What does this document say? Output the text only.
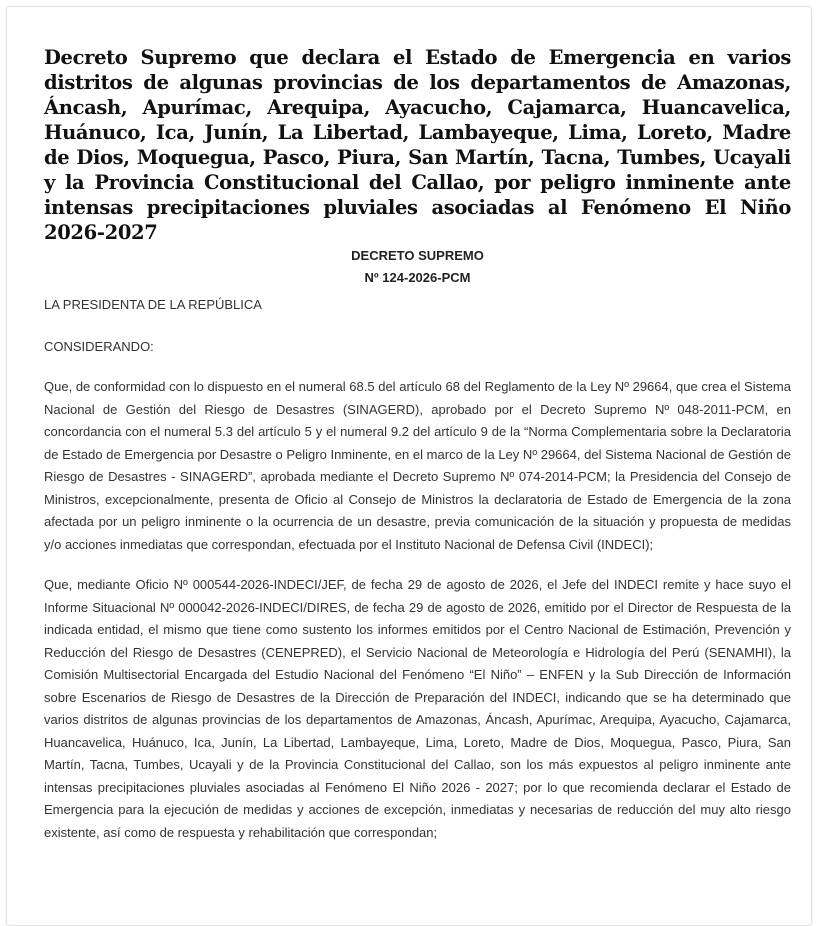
Decreto Supremo que declara el Estado de Emergencia en varios distritos de algunas provincias de los departamentos de Amazonas, Áncash, Apurímac, Arequipa, Ayacucho, Cajamarca, Huancavelica, Huánuco, Ica, Junín, La Libertad, Lambayeque, Lima, Loreto, Madre de Dios, Moquegua, Pasco, Piura, San Martín, Tacna, Tumbes, Ucayali y la Provincia Constitucional del Callao, por peligro inminente ante intensas precipitaciones pluviales asociadas al Fenómeno El Niño 2026-2027

DECRETO SUPREMO

Nº 124-2026-PCM

LA PRESIDENTA DE LA REPÚBLICA

CONSIDERANDO:

Que, de conformidad con lo dispuesto en el numeral 68.5 del artículo 68 del Reglamento de la Ley Nº 29664, que crea el Sistema Nacional de Gestión del Riesgo de Desastres (SINAGERD), aprobado por el Decreto Supremo Nº 048-2011-PCM, en concordancia con el numeral 5.3 del artículo 5 y el numeral 9.2 del artículo 9 de la “Norma Complementaria sobre la Declaratoria de Estado de Emergencia por Desastre o Peligro Inminente, en el marco de la Ley Nº 29664, del Sistema Nacional de Gestión de Riesgo de Desastres - SINAGERD”, aprobada mediante el Decreto Supremo Nº 074-2014-PCM; la Presidencia del Consejo de Ministros, excepcionalmente, presenta de Oficio al Consejo de Ministros la declaratoria de Estado de Emergencia de la zona afectada por un peligro inminente o la ocurrencia de un desastre, previa comunicación de la situación y propuesta de medidas y/o acciones inmediatas que correspondan, efectuada por el Instituto Nacional de Defensa Civil (INDECI);

Que, mediante Oficio Nº 000544-2026-INDECI/JEF, de fecha 29 de agosto de 2026, el Jefe del INDECI remite y hace suyo el Informe Situacional Nº 000042-2026-INDECI/DIRES, de fecha 29 de agosto de 2026, emitido por el Director de Respuesta de la indicada entidad, el mismo que tiene como sustento los informes emitidos por el Centro Nacional de Estimación, Prevención y Reducción del Riesgo de Desastres (CENEPRED), el Servicio Nacional de Meteorología e Hidrología del Perú (SENAMHI), la Comisión Multisectorial Encargada del Estudio Nacional del Fenómeno “El Niño” – ENFEN y la Sub Dirección de Información sobre Escenarios de Riesgo de Desastres de la Dirección de Preparación del INDECI, indicando que se ha determinado que varios distritos de algunas provincias de los departamentos de Amazonas, Áncash, Apurímac, Arequipa, Ayacucho, Cajamarca, Huancavelica, Huánuco, Ica, Junín, La Libertad, Lambayeque, Lima, Loreto, Madre de Dios, Moquegua, Pasco, Piura, San Martín, Tacna, Tumbes, Ucayali y de la Provincia Constitucional del Callao, son los más expuestos al peligro inminente ante intensas precipitaciones pluviales asociadas al Fenómeno El Niño 2026 - 2027; por lo que recomienda declarar el Estado de Emergencia para la ejecución de medidas y acciones de excepción, inmediatas y necesarias de reducción del muy alto riesgo existente, así como de respuesta y rehabilitación que correspondan;
